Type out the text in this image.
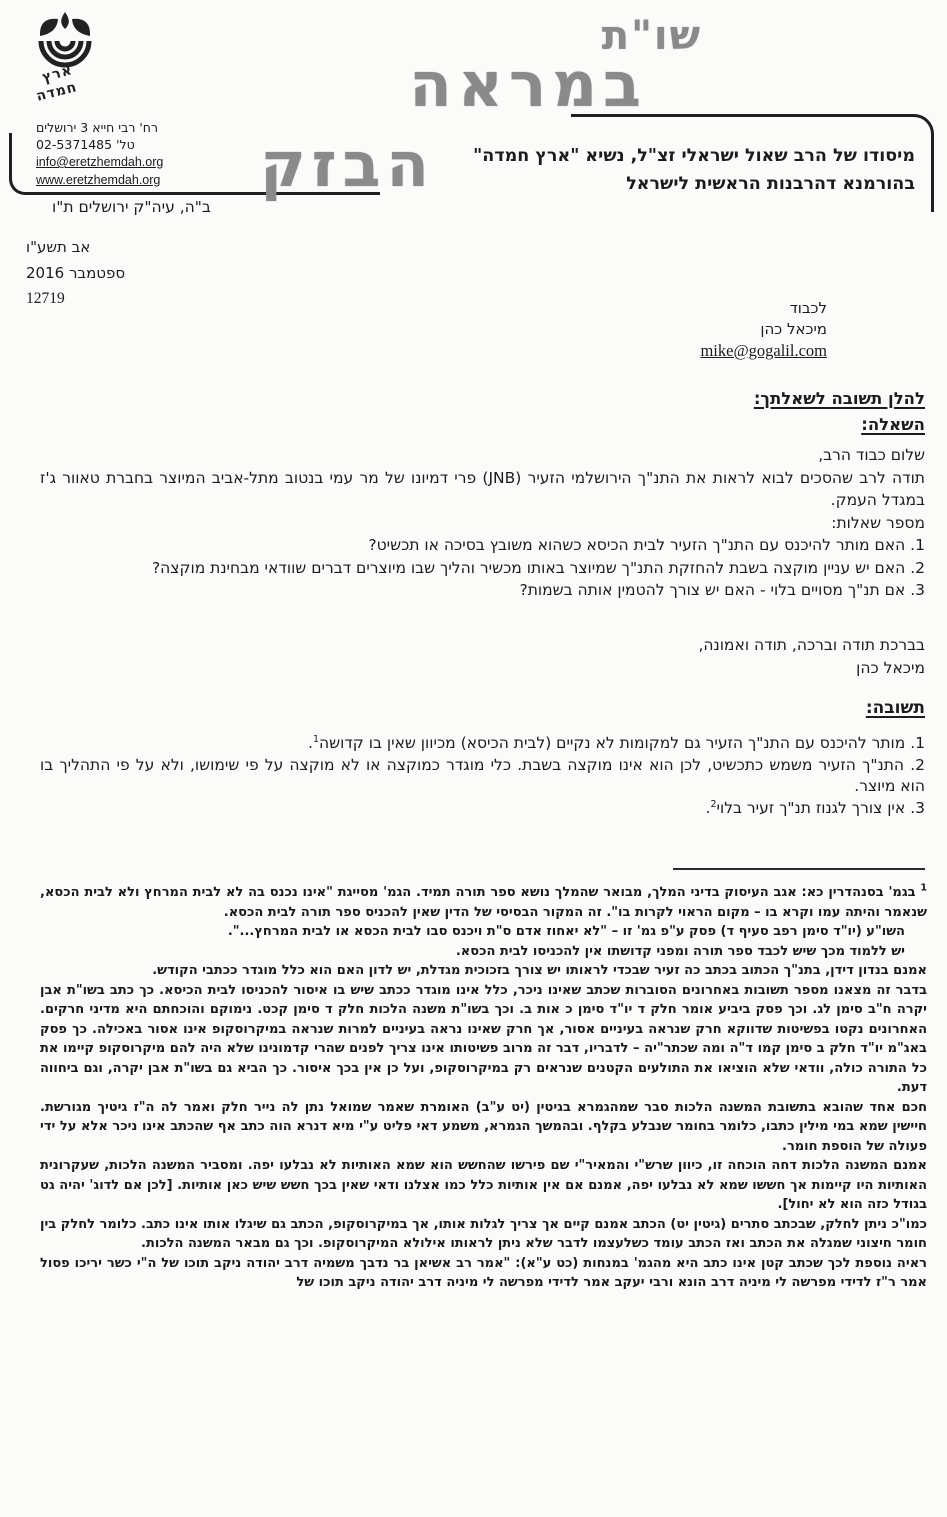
ארץ
חמדה
רח' רבי חייא 3 ירושלים
טל' 02-5371485
info@eretzhemdah.org
www.eretzhemdah.org
ב"ה, עיה"ק ירושלים ת"ו
שו"ת
במראה
הבזק מיסודו של הרב שאול ישראלי זצ"ל, נשיא "ארץ חמדה"
בהורמנא דהרבנות הראשית לישראל
אב תשע"ו
ספטמבר 2016
12719
לכבוד
מיכאל כהן
mike@gogalil.com
להלן תשובה לשאלתך:
השאלה:
שלום כבוד הרב,
תודה לרב שהסכים לבוא לראות את התנ"ך הירושלמי הזעיר (JNB) פרי דמיונו של מר עמי בנטוב מתל-אביב המיוצר בחברת טאוור ג'ז במגדל העמק.
מספר שאלות:
1. האם מותר להיכנס עם התנ"ך הזעיר לבית הכיסא כשהוא משובץ בסיכה או תכשיט?
2. האם יש עניין מוקצה בשבת להחזקת התנ"ך שמיוצר באותו מכשיר והליך שבו מיוצרים דברים שוודאי מבחינת מוקצה?
3. אם תנ"ך מסויים בלוי - האם יש צורך להטמין אותה בשמות?
בברכת תודה וברכה, תודה ואמונה,
מיכאל כהן
תשובה:
1. מותר להיכנס עם התנ"ך הזעיר גם למקומות לא נקיים (לבית הכיסא) מכיוון שאין בו קדושה$^1$.
2. התנ"ך הזעיר משמש כתכשיט, לכן הוא אינו מוקצה בשבת. כלי מוגדר כמוקצה או לא מוקצה על פי שימושו, ולא על פי התהליך בו הוא מיוצר.
3. אין צורך לגנוז תנ"ך זעיר בלוי$^2$.
$^1$ בגמ' בסנהדרין כא: אגב העיסוק בדיני המלך, מבואר שהמלך נושא ספר תורה תמיד. הגמ' מסייגת "אינו נכנס בה לא לבית המרחץ ולא לבית הכסא, שנאמר והיתה עמו וקרא בו – מקום הראוי לקרות בו". זה המקור הבסיסי של הדין שאין להכניס ספר תורה לבית הכסא.
השו"ע (יו"ד סימן רפב סעיף ד) פסק ע"פ גמ' זו – "לא יאחוז אדם ס"ת ויכנס סבו לבית הכסא או לבית המרחץ...".
יש ללמוד מכך שיש לכבד ספר תורה ומפני קדושתו אין להכניסו לבית הכסא.
אמנם בנדון דידן, בתנ"ך הכתוב בכתב כה זעיר שבכדי לראותו יש צורך בזכוכית מגדלת, יש לדון האם הוא כלל מוגדר ככתבי הקודש.
בדבר זה מצאנו מספר תשובות באחרונים הסוברות שכתב שאינו ניכר, כלל אינו מוגדר ככתב שיש בו איסור להכניסו לבית הכיסא. כך כתב בשו"ת אבן יקרה ח"ב סימן לג. וכך פסק ביביע אומר חלק ד יו"ד סימן כ אות ב. וכך בשו"ת משנה הלכות חלק ד סימן קכט. נימוקם והוכחתם היא מדיני חרקים. האחרונים נקטו בפשיטות שדווקא חרק שנראה בעיניים אסור, אך חרק שאינו נראה בעיניים למרות שנראה במיקרוסקופ אינו אסור באכילה. כך פסק באג"מ יו"ד חלק ב סימן קמו ד"ה ומה שכתר"יה – לדבריו, דבר זה מרוב פשיטותו אינו צריך לפנים שהרי קדמונינו שלא היה להם מיקרוסקופ קיימו את כל התורה כולה, וודאי שלא הוציאו את התולעים הקטנים שנראים רק במיקרוסקופ, ועל כן אין בכך איסור. כך הביא גם בשו"ת אבן יקרה, וגם ביחווה דעת.
חכם אחד שהובא בתשובת המשנה הלכות סבר שמהגמרא בגיטין (יט ע"ב) האומרת שאמר שמואל נתן לה נייר חלק ואמר לה ה"ז גיטיך מגורשת. חיישין שמא במי מילין כתבו, כלומר בחומר שנבלע בקלף. ובהמשך הגמרא, משמע דאי פליט ע"י מיא דנרא הוה כתב אף שהכתב אינו ניכר אלא על ידי פעולה של הוספת חומר.
אמנם המשנה הלכות דחה הוכחה זו, כיוון שרש"י והמאיר"י שם פירשו שהחשש הוא שמא האותיות לא נבלעו יפה. ומסביר המשנה הלכות, שעקרונית האותיות היו קיימות אך חששו שמא לא נבלעו יפה, אמנם אם אין אותיות כלל כמו אצלנו ודאי שאין בכך חשש שיש כאן אותיות. [לכן אם לדוג' יהיה גט בגודל כזה הוא לא יחול].
כמו"כ ניתן לחלק, שבכתב סתרים (גיטין יט) הכתב אמנם קיים אך צריך לגלות אותו, אך במיקרוסקופ, הכתב גם שיגלו אותו אינו כתב. כלומר לחלק בין חומר חיצוני שמגלה את הכתב ואז הכתב עומד כשלעצמו לדבר שלא ניתן לראותו אילולא המיקרוסקופ. וכך גם מבאר המשנה הלכות.
ראיה נוספת לכך שכתב קטן אינו כתב היא מהגמ' במנחות (כט ע"א): "אמר רב אשיאן בר נדבך משמיה דרב יהודה ניקב תוכו של ה"י כשר יריכו פסול אמר ר"ז לדידי מפרשה לי מיניה דרב הונא ורבי יעקב אמר לדידי מפרשה לי מיניה דרב יהודה ניקב תוכו של
